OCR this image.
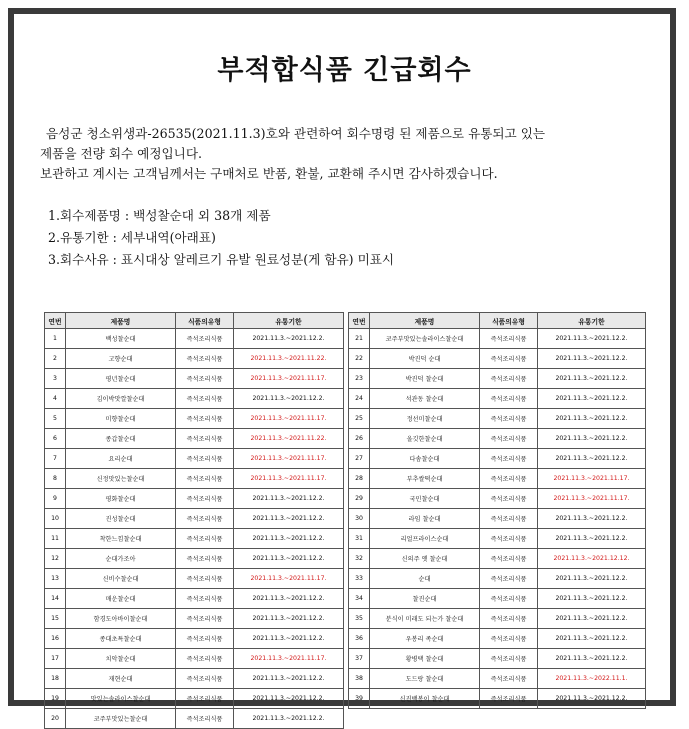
부적합식품 긴급회수

음성군 청소위생과-26535(2021.11.3)호와 관련하여 회수명령 된 제품으로 유통되고 있는

제품을 전량 회수 예정입니다.

보관하고 계시는 고객님께서는 구매처로 반품, 환불, 교환해 주시면 감사하겠습니다.

1.회수제품명 : 백성찰순대 외 38개 제품

2.유통기한 : 세부내역(아래표)

3.회수사유 : 표시대상 알레르기 유발 원료성분(게 함유) 미표시

연번	제품명	식품의유형	유통기한
1	백성찰순대	즉석조리식품	2021.11.3.~2021.12.2.
2	고향순대	즉석조리식품	2021.11.3.~2021.11.22.
3	평년찰순대	즉석조리식품	2021.11.3.~2021.11.17.
4	김이박맛깔찰순대	즉석조리식품	2021.11.3.~2021.12.2.
5	미향찰순대	즉석조리식품	2021.11.3.~2021.11.17.
6	종갑찰순대	즉석조리식품	2021.11.3.~2021.11.22.
7	요리순대	즉석조리식품	2021.11.3.~2021.11.17.
8	신정맛있는찰순대	즉석조리식품	2021.11.3.~2021.11.17.
9	평화찰순대	즉석조리식품	2021.11.3.~2021.12.2.
10	진성찰순대	즉석조리식품	2021.11.3.~2021.12.2.
11	착한느낌찰순대	즉석조리식품	2021.11.3.~2021.12.2.
12	순대가조아	즉석조리식품	2021.11.3.~2021.12.2.
13	신비수찰순대	즉석조리식품	2021.11.3.~2021.11.17.
14	매운찰순대	즉석조리식품	2021.11.3.~2021.12.2.
15	함경도아바이찰순대	즉석조리식품	2021.11.3.~2021.12.2.
16	종대초특찰순대	즉석조리식품	2021.11.3.~2021.12.2.
17	치악찰순대	즉석조리식품	2021.11.3.~2021.11.17.
18	재현순대	즉석조리식품	2021.11.3.~2021.12.2.
19	맛있는솔라이스찰순대	즉석조리식품	2021.11.3.~2021.12.2.
20	코주부맛있는찰순대	즉석조리식품	2021.11.3.~2021.12.2.
연번	제품명	식품의유형	유통기한
21	코주부맛있는솔라이스찰순대	즉석조리식품	2021.11.3.~2021.12.2.
22	박진덕 순대	즉석조리식품	2021.11.3.~2021.12.2.
23	박진덕 찰순대	즉석조리식품	2021.11.3.~2021.12.2.
24	석관동 찰순대	즉석조리식품	2021.11.3.~2021.12.2.
25	정선미찰순대	즉석조리식품	2021.11.3.~2021.12.2.
26	올깃한찰순대	즉석조리식품	2021.11.3.~2021.12.2.
27	다솜찰순대	즉석조리식품	2021.11.3.~2021.12.2.
28	부추쌀떡순대	즉석조리식품	2021.11.3.~2021.11.17.
29	국민찰순대	즉석조리식품	2021.11.3.~2021.11.17.
30	라임 찰순대	즉석조리식품	2021.11.3.~2021.12.2.
31	리얼프라이스순대	즉석조리식품	2021.11.3.~2021.12.2.
32	신의주 옛 찰순대	즉석조리식품	2021.11.3.~2021.12.12.
33	순대	즉석조리식품	2021.11.3.~2021.12.2.
34	찰진순대	즉석조리식품	2021.11.3.~2021.12.2.
35	분식이 미래도 되는가 찰순대	즉석조리식품	2021.11.3.~2021.12.2.
36	우봉리 족순대	즉석조리식품	2021.11.3.~2021.12.2.
37	황병택 찰순대	즉석조리식품	2021.11.3.~2021.12.2.
38	도드랑 찰순대	즉석조리식품	2021.11.3.~2022.11.1.
39	신진백봉이 찰순대	즉석조리식품	2021.11.3.~2021.12.2.
